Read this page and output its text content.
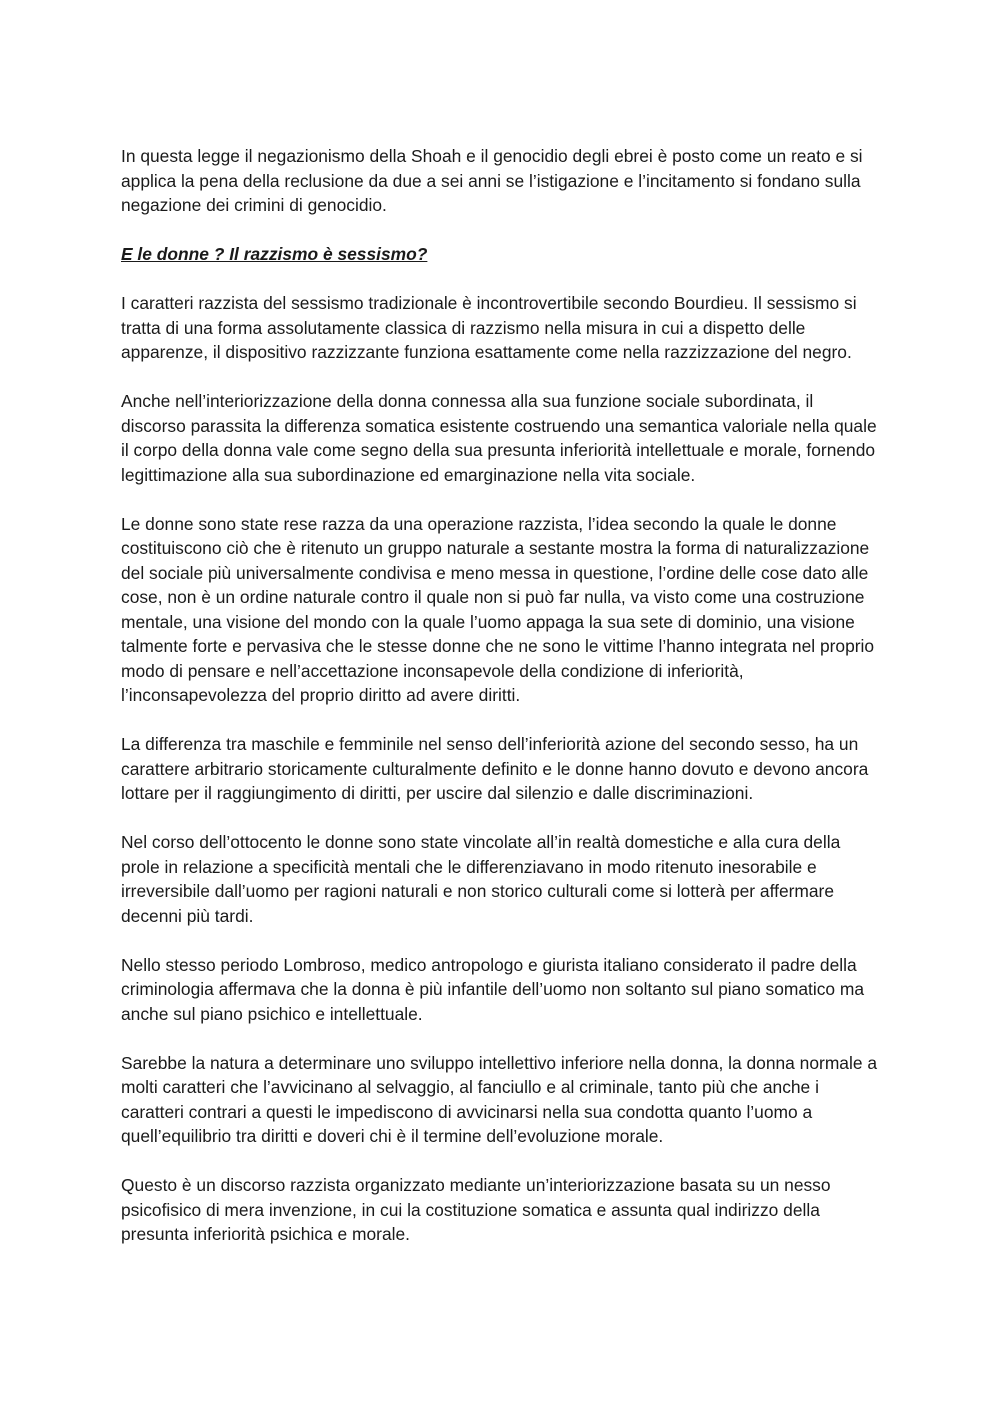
In questa legge il negazionismo della Shoah e il genocidio degli ebrei è posto come un reato e si applica la pena della reclusione da due a sei anni se l’istigazione e l’incitamento si fondano sulla negazione dei crimini di genocidio.

E le donne ? Il razzismo è sessismo?

I caratteri razzista del sessismo tradizionale è incontrovertibile secondo Bourdieu. Il sessismo si tratta di una forma assolutamente classica di razzismo nella misura in cui a dispetto delle apparenze, il dispositivo razzizzante funziona esattamente come nella razzizzazione del negro.

Anche nell’interiorizzazione della donna connessa alla sua funzione sociale subordinata, il discorso parassita la differenza somatica esistente costruendo una semantica valoriale nella quale il corpo della donna vale come segno della sua presunta inferiorità intellettuale e morale, fornendo legittimazione alla sua subordinazione ed emarginazione nella vita sociale.

Le donne sono state rese razza da una operazione razzista, l’idea secondo la quale le donne costituiscono ciò che è ritenuto un gruppo naturale a sestante mostra la forma di naturalizzazione del sociale più universalmente condivisa e meno messa in questione, l’ordine delle cose dato alle cose, non è un ordine naturale contro il quale non si può far nulla, va visto come una costruzione mentale, una visione del mondo con la quale l’uomo appaga la sua sete di dominio, una visione talmente forte e pervasiva che le stesse donne che ne sono le vittime l’hanno integrata nel proprio modo di pensare e nell’accettazione inconsapevole della condizione di inferiorità, l’inconsapevolezza del proprio diritto ad avere diritti.

La differenza tra maschile e femminile nel senso dell’inferiorità azione del secondo sesso, ha un carattere arbitrario storicamente culturalmente definito e le donne hanno dovuto e devono ancora lottare per il raggiungimento di diritti, per uscire dal silenzio e dalle discriminazioni.

Nel corso dell’ottocento le donne sono state vincolate all’in realtà domestiche e alla cura della prole in relazione a specificità mentali che le differenziavano in modo ritenuto inesorabile e irreversibile dall’uomo per ragioni naturali e non storico culturali come si lotterà per affermare decenni più tardi.

Nello stesso periodo Lombroso, medico antropologo e giurista italiano considerato il padre della criminologia affermava che la donna è più infantile dell’uomo non soltanto sul piano somatico ma anche sul piano psichico e intellettuale.

Sarebbe la natura a determinare uno sviluppo intellettivo inferiore nella donna, la donna normale a molti caratteri che l’avvicinano al selvaggio, al fanciullo e al criminale, tanto più che anche i caratteri contrari a questi le impediscono di avvicinarsi nella sua condotta quanto l’uomo a quell’equilibrio tra diritti e doveri chi è il termine dell’evoluzione morale.

Questo è un discorso razzista organizzato mediante un’interiorizzazione basata su un nesso psicofisico di mera invenzione, in cui la costituzione somatica e assunta qual indirizzo della presunta inferiorità psichica e morale.
